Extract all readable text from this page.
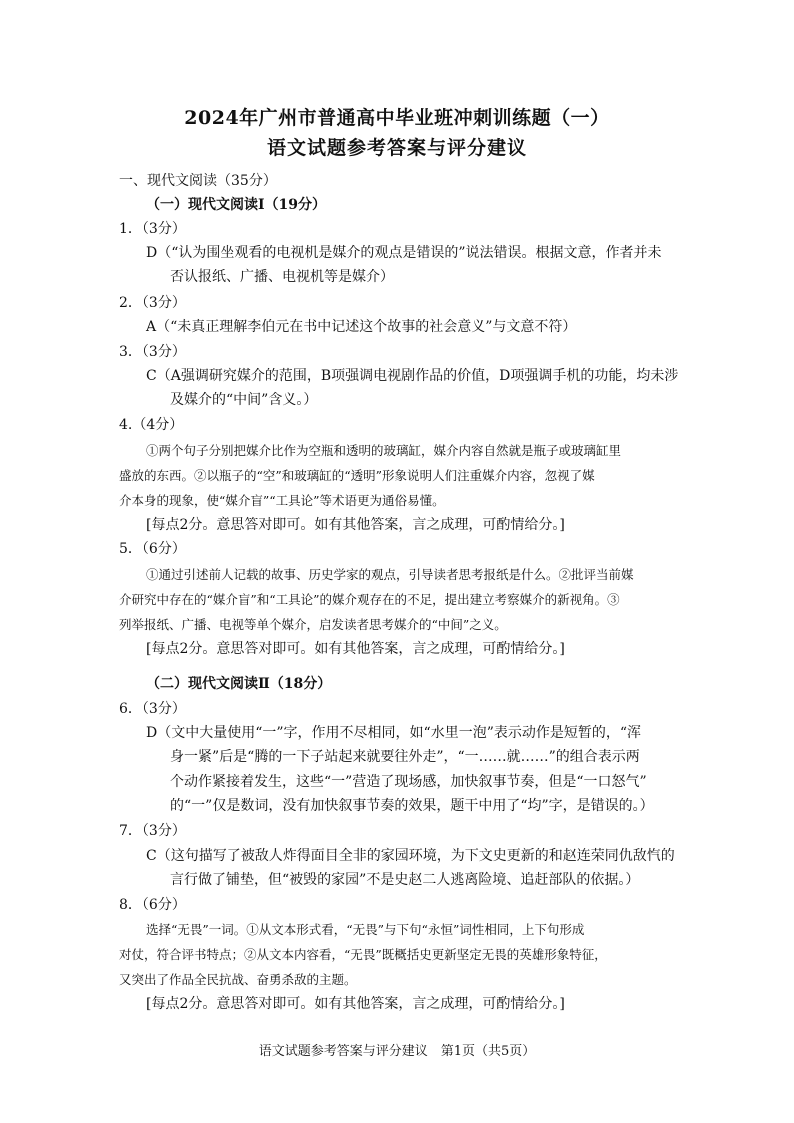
2024年广州市普通高中毕业班冲刺训练题（一）
语文试题参考答案与评分建议
一、现代文阅读（35分）
（一）现代文阅读Ⅰ（19分）
1．（3分）
D（“认为围坐观看的电视机是媒介的观点是错误的”说法错误。根据文意，作者并未
否认报纸、广播、电视机等是媒介）
2．（3分）
A（“未真正理解李伯元在书中记述这个故事的社会意义”与文意不符）
3．（3分）
C（A强调研究媒介的范围，B项强调电视剧作品的价值，D项强调手机的功能，均未涉
及媒介的“中间”含义。）
4.（4分）
①两个句子分别把媒介比作为空瓶和透明的玻璃缸，媒介内容自然就是瓶子或玻璃缸里
盛放的东西。②以瓶子的“空”和玻璃缸的“透明”形象说明人们注重媒介内容，忽视了媒
介本身的现象，使“媒介盲”“工具论”等术语更为通俗易懂。
[每点2分。意思答对即可。如有其他答案，言之成理，可酌情给分。]
5．（6分）
①通过引述前人记载的故事、历史学家的观点，引导读者思考报纸是什么。②批评当前媒
介研究中存在的“媒介盲”和“工具论”的媒介观存在的不足，提出建立考察媒介的新视角。③
列举报纸、广播、电视等单个媒介，启发读者思考媒介的“中间”之义。
[每点2分。意思答对即可。如有其他答案，言之成理，可酌情给分。]
（二）现代文阅读Ⅱ（18分）
6．（3分）
D（文中大量使用“一”字，作用不尽相同，如“水里一泡”表示动作是短暂的，“浑
身一紧”后是“腾的一下子站起来就要往外走”，“一……就……”的组合表示两
个动作紧接着发生，这些“一”营造了现场感，加快叙事节奏，但是“一口怒气”
的“一”仅是数词，没有加快叙事节奏的效果，题干中用了“均”字，是错误的。）
7．（3分）
C（这句描写了被敌人炸得面目全非的家园环境，为下文史更新的和赵连荣同仇敌忾的
言行做了铺垫，但“被毁的家园”不是史赵二人逃离险境、追赶部队的依据。）
8．（6分）
选择“无畏”一词。①从文本形式看，“无畏”与下句“永恒”词性相同，上下句形成
对仗，符合评书特点；②从文本内容看，“无畏”既概括史更新坚定无畏的英雄形象特征，
又突出了作品全民抗战、奋勇杀敌的主题。
[每点2分。意思答对即可。如有其他答案，言之成理，可酌情给分。]
语文试题参考答案与评分建议　第1页（共5页）
